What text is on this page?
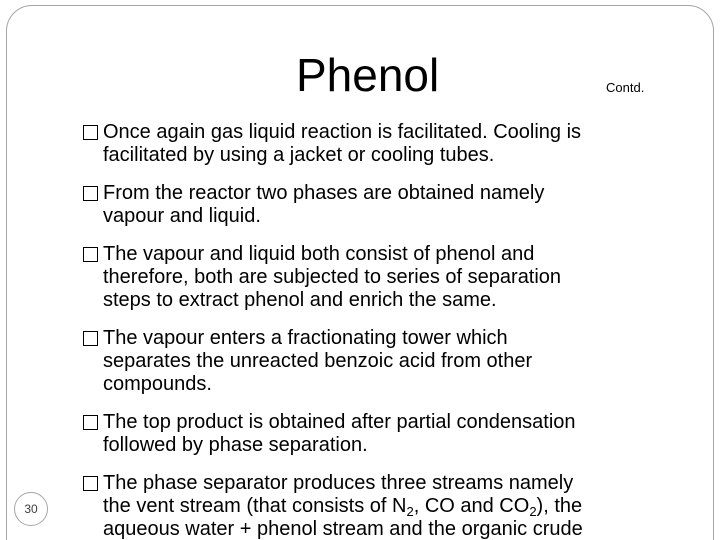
Phenol	Contd.
Once again gas liquid reaction is facilitated. Cooling is
facilitated by using a jacket or cooling tubes.
From the reactor two phases are obtained namely
vapour and liquid.
The vapour and liquid both consist of phenol and
therefore, both are subjected to series of separation
steps to extract phenol and enrich the same.
The vapour enters a fractionating tower which
separates the unreacted benzoic acid from other
compounds.
The top product is obtained after partial condensation
followed by phase separation.
The phase separator produces three streams namely
the vent stream (that consists of $N_2$, CO and $CO_2$), the
aqueous water + phenol stream and the organic crude
30
